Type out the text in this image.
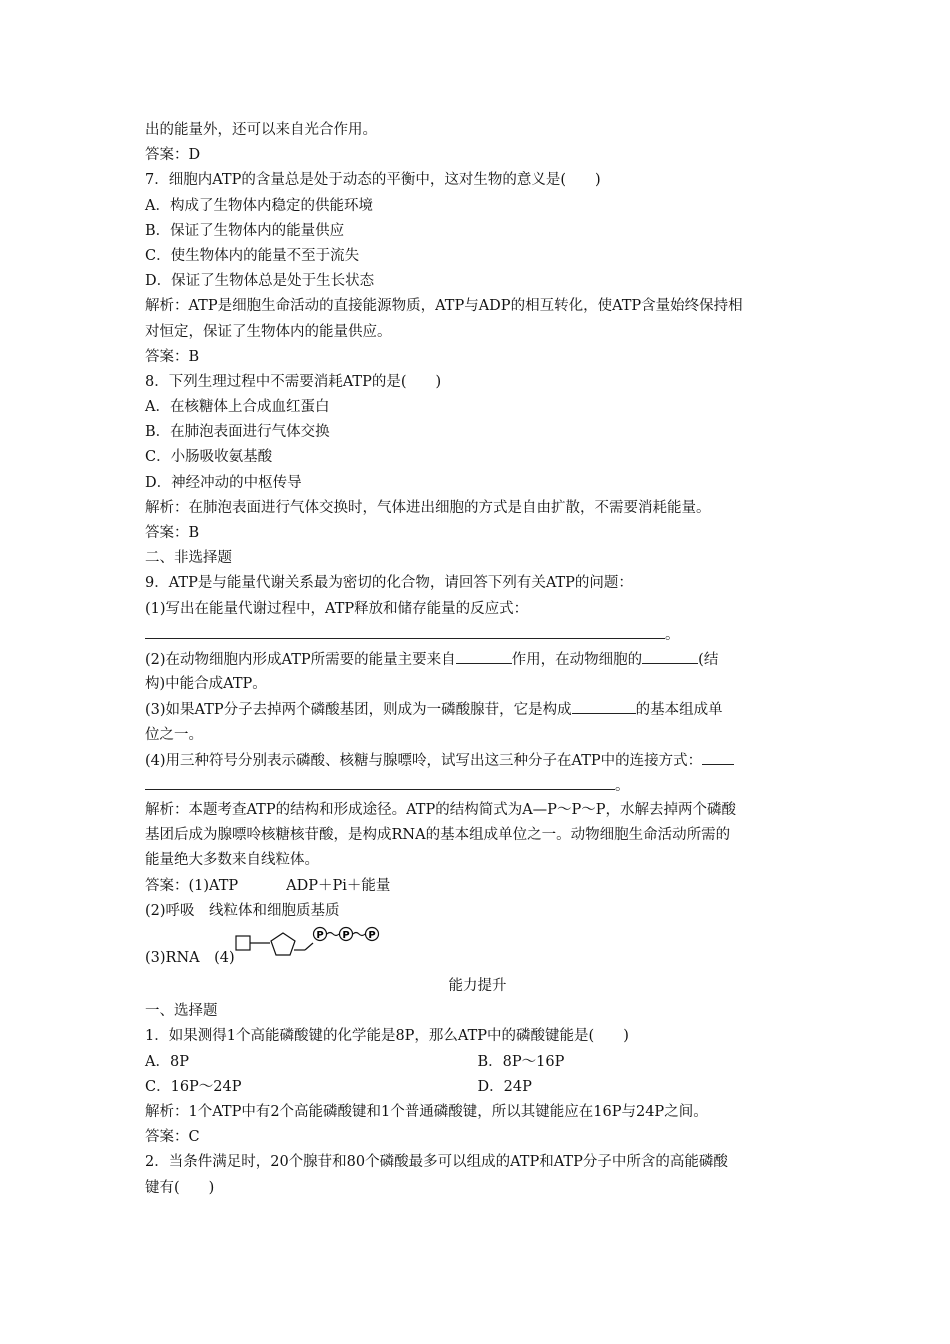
出的能量外，还可以来自光合作用。
答案：D
7．细胞内ATP的含量总是处于动态的平衡中，这对生物的意义是(　　)
A．构成了生物体内稳定的供能环境
B．保证了生物体内的能量供应
C．使生物体内的能量不至于流失
D．保证了生物体总是处于生长状态
解析：ATP是细胞生命活动的直接能源物质，ATP与ADP的相互转化，使ATP含量始终保持相
对恒定，保证了生物体内的能量供应。
答案：B
8．下列生理过程中不需要消耗ATP的是(　　)
A．在核糖体上合成血红蛋白
B．在肺泡表面进行气体交换
C．小肠吸收氨基酸
D．神经冲动的中枢传导
解析：在肺泡表面进行气体交换时，气体进出细胞的方式是自由扩散，不需要消耗能量。
答案：B
二、非选择题
9．ATP是与能量代谢关系最为密切的化合物，请回答下列有关ATP的问题：
(1)写出在能量代谢过程中，ATP释放和储存能量的反应式：
。
(2)在动物细胞内形成ATP所需要的能量主要来自	作用，在动物细胞的	(结
构)中能合成ATP。
(3)如果ATP分子去掉两个磷酸基团，则成为一磷酸腺苷，它是构成	的基本组成单
位之一。
(4)用三种符号分别表示磷酸、核糖与腺嘌呤，试写出这三种分子在ATP中的连接方式：
。
解析：本题考查ATP的结构和形成途径。ATP的结构简式为A—P～P～P，水解去掉两个磷酸
基团后成为腺嘌呤核糖核苷酸，是构成RNA的基本组成单位之一。动物细胞生命活动所需的
能量绝大多数来自线粒体。
答案：(1)ATP	ADP＋Pi＋能量
(2)呼吸　线粒体和细胞质基质
(3)RNA　(4)
P P P
能力提升
一、选择题
1．如果测得1个高能磷酸键的化学能是8P，那么ATP中的磷酸键能是(　　)
A．8P	B．8P～16P
C．16P～24P	D．24P
解析：1个ATP中有2个高能磷酸键和1个普通磷酸键，所以其键能应在16P与24P之间。
答案：C
2．当条件满足时，20个腺苷和80个磷酸最多可以组成的ATP和ATP分子中所含的高能磷酸
键有(　　)
